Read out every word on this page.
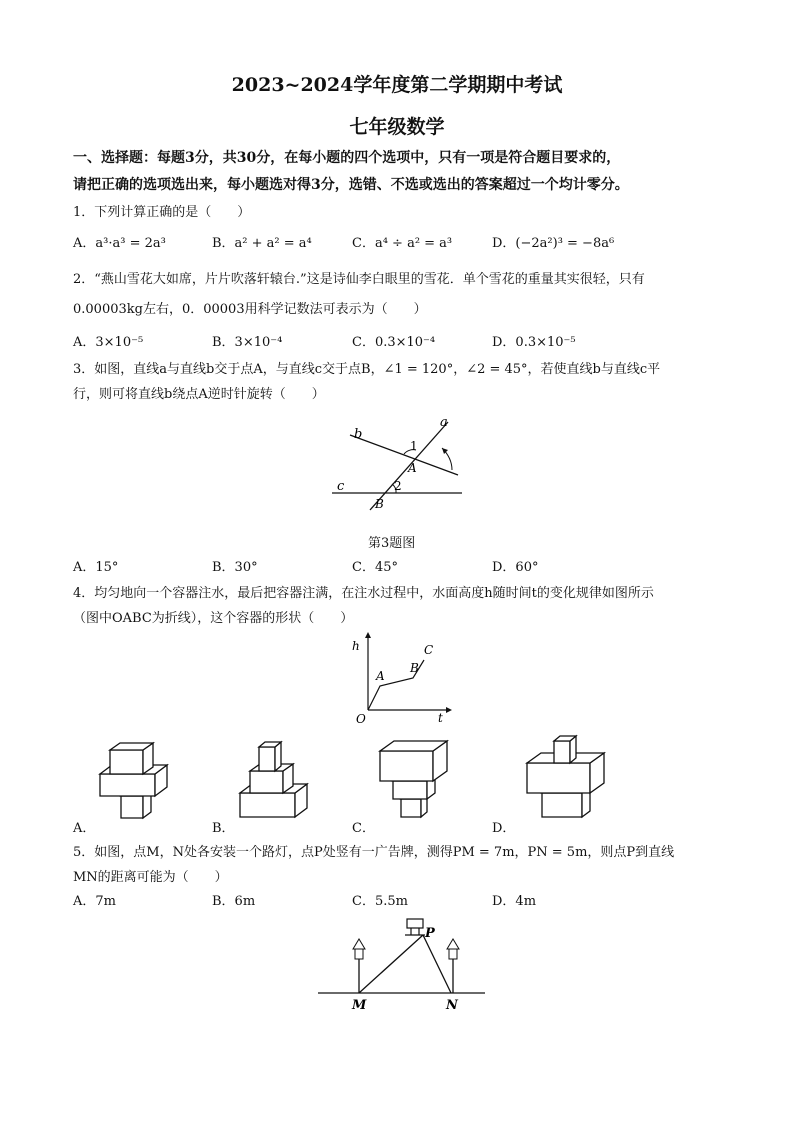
2023~2024学年度第二学期期中考试
七年级数学
一、选择题：每题3分，共30分，在每小题的四个选项中，只有一项是符合题目要求的，
请把正确的选项选出来，每小题选对得3分，选错、不选或选出的答案超过一个均计零分。
1．下列计算正确的是（　　）
A．a³·a³ = 2a³	B．a² + a² = a⁴	C．a⁴ ÷ a² = a³	D．(−2a²)³ = −8a⁶
2．“燕山雪花大如席，片片吹落轩辕台.”这是诗仙李白眼里的雪花．单个雪花的重量其实很轻，只有
0.00003kg左右，0．00003用科学记数法可表示为（　　）
A．3×10⁻⁵	B．3×10⁻⁴	C．0.3×10⁻⁴	D．0.3×10⁻⁵
3．如图，直线a与直线b交于点A，与直线c交于点B，∠1 = 120°，∠2 = 45°，若使直线b与直线c平
行，则可将直线b绕点A逆时针旋转（　　）
a
b
c
A
B
1
2
第3题图
A．15°	B．30°	C．45°	D．60°
4．均匀地向一个容器注水，最后把容器注满，在注水过程中，水面高度h随时间t的变化规律如图所示
（图中OABC为折线），这个容器的形状（　　）
h
t
O
A
B
C
A．	B．	C．	D．
5．如图，点M，N处各安装一个路灯，点P处竖有一广告牌，测得PM = 7m，PN = 5m，则点P到直线
MN的距离可能为（　　）
A．7m	B．6m	C．5.5m	D．4m
M	N
P
